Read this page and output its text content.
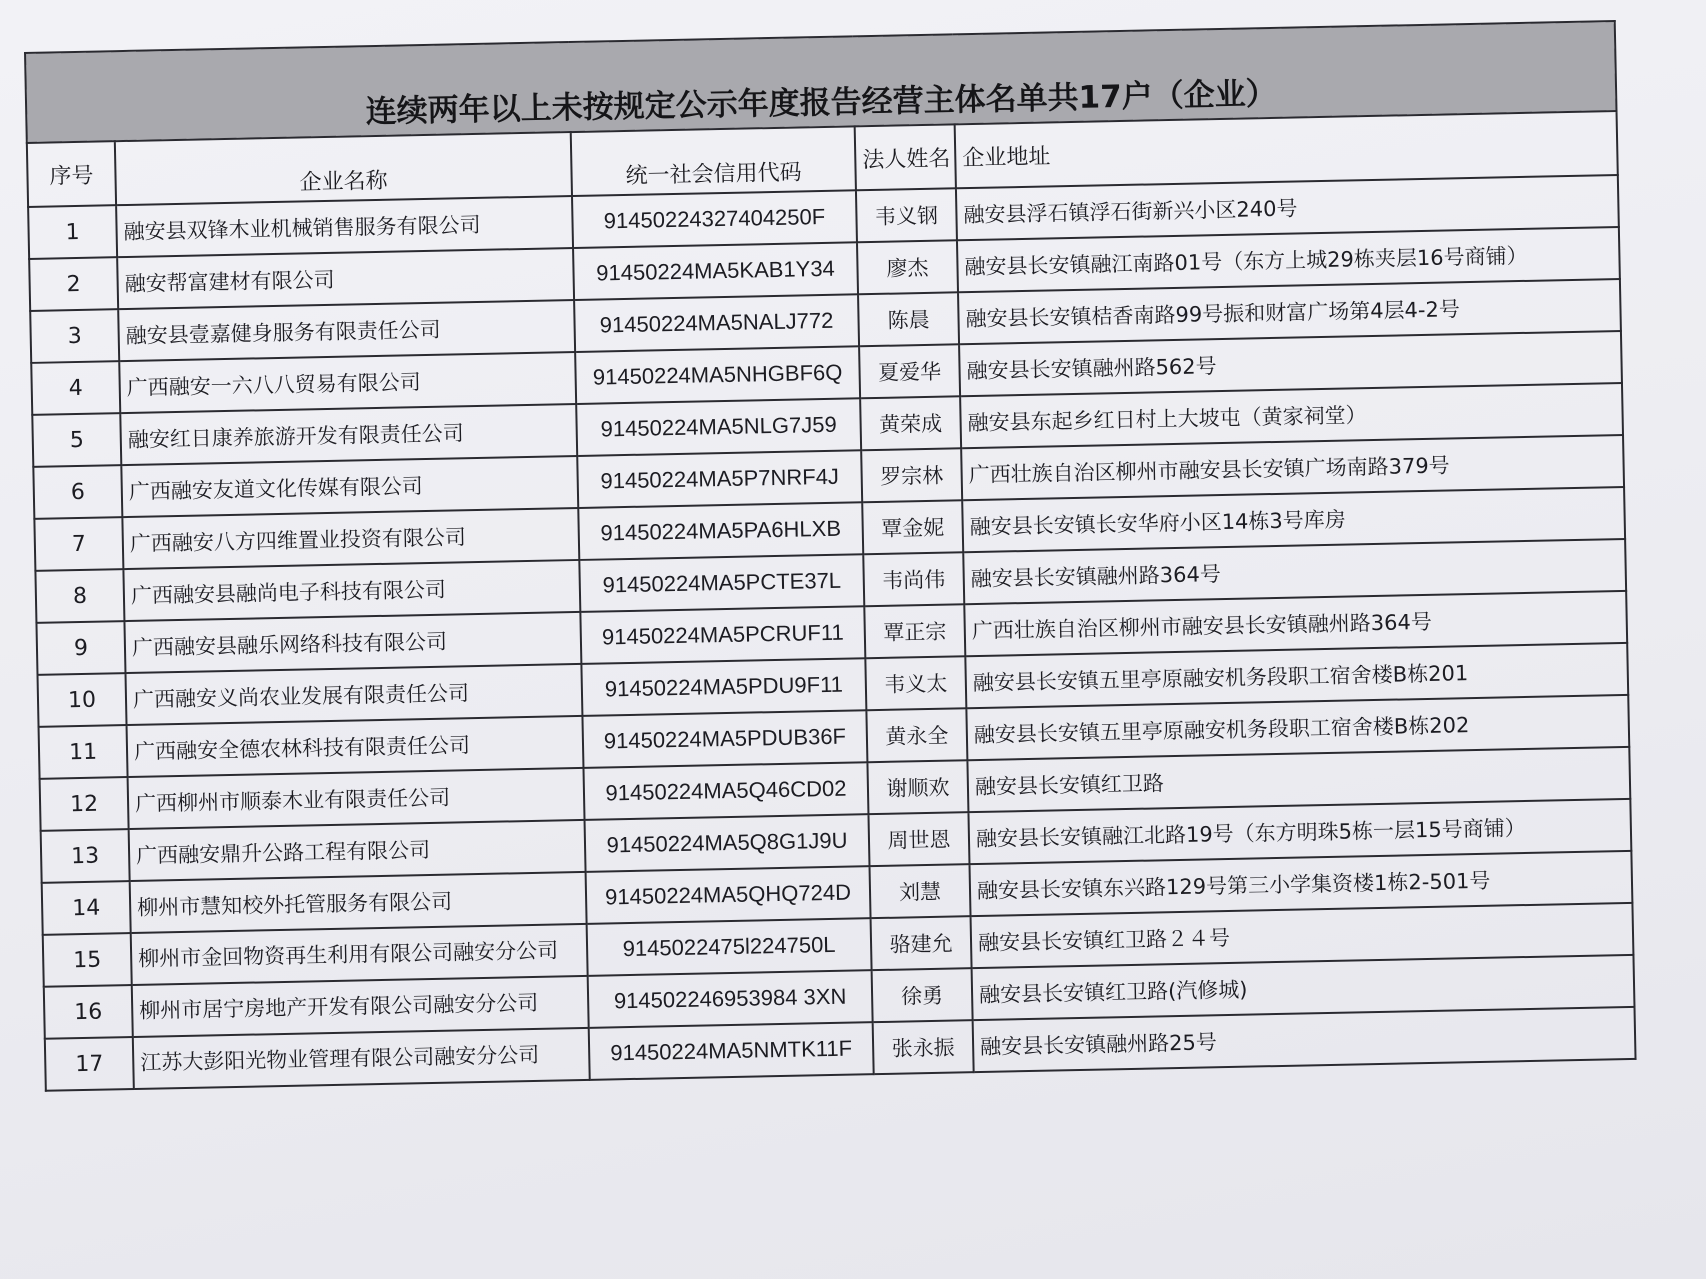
连续两年以上未按规定公示年度报告经营主体名单共17户（企业）				
序号	企业名称	统一社会信用代码	法人姓名	企业地址
1	融安县双锋木业机械销售服务有限公司	91450224327404250F	韦义钢	融安县浮石镇浮石街新兴小区240号
2	融安帮富建材有限公司	91450224MA5KAB1Y34	廖杰	融安县长安镇融江南路01号（东方上城29栋夹层16号商铺）
3	融安县壹嘉健身服务有限责任公司	91450224MA5NALJ772	陈晨	融安县长安镇桔香南路99号振和财富广场第4层4-2号
4	广西融安一六八八贸易有限公司	91450224MA5NHGBF6Q	夏爱华	融安县长安镇融州路562号
5	融安红日康养旅游开发有限责任公司	91450224MA5NLG7J59	黄荣成	融安县东起乡红日村上大坡屯（黄家祠堂）
6	广西融安友道文化传媒有限公司	91450224MA5P7NRF4J	罗宗林	广西壮族自治区柳州市融安县长安镇广场南路379号
7	广西融安八方四维置业投资有限公司	91450224MA5PA6HLXB	覃金妮	融安县长安镇长安华府小区14栋3号库房
8	广西融安县融尚电子科技有限公司	91450224MA5PCTE37L	韦尚伟	融安县长安镇融州路364号
9	广西融安县融乐网络科技有限公司	91450224MA5PCRUF11	覃正宗	广西壮族自治区柳州市融安县长安镇融州路364号
10	广西融安义尚农业发展有限责任公司	91450224MA5PDU9F11	韦义太	融安县长安镇五里亭原融安机务段职工宿舍楼B栋201
11	广西融安全德农林科技有限责任公司	91450224MA5PDUB36F	黄永全	融安县长安镇五里亭原融安机务段职工宿舍楼B栋202
12	广西柳州市顺泰木业有限责任公司	91450224MA5Q46CD02	谢顺欢	融安县长安镇红卫路
13	广西融安鼎升公路工程有限公司	91450224MA5Q8G1J9U	周世恩	融安县长安镇融江北路19号（东方明珠5栋一层15号商铺）
14	柳州市慧知校外托管服务有限公司	91450224MA5QHQ724D	刘慧	融安县长安镇东兴路129号第三小学集资楼1栋2-501号
15	柳州市金回物资再生利用有限公司融安分公司	9145022475l224750L	骆建允	融安县长安镇红卫路２４号
16	柳州市居宁房地产开发有限公司融安分公司	914502246953984 3XN	徐勇	融安县长安镇红卫路(汽修城)
17	江苏大彭阳光物业管理有限公司融安分公司	91450224MA5NMTK11F	张永振	融安县长安镇融州路25号
